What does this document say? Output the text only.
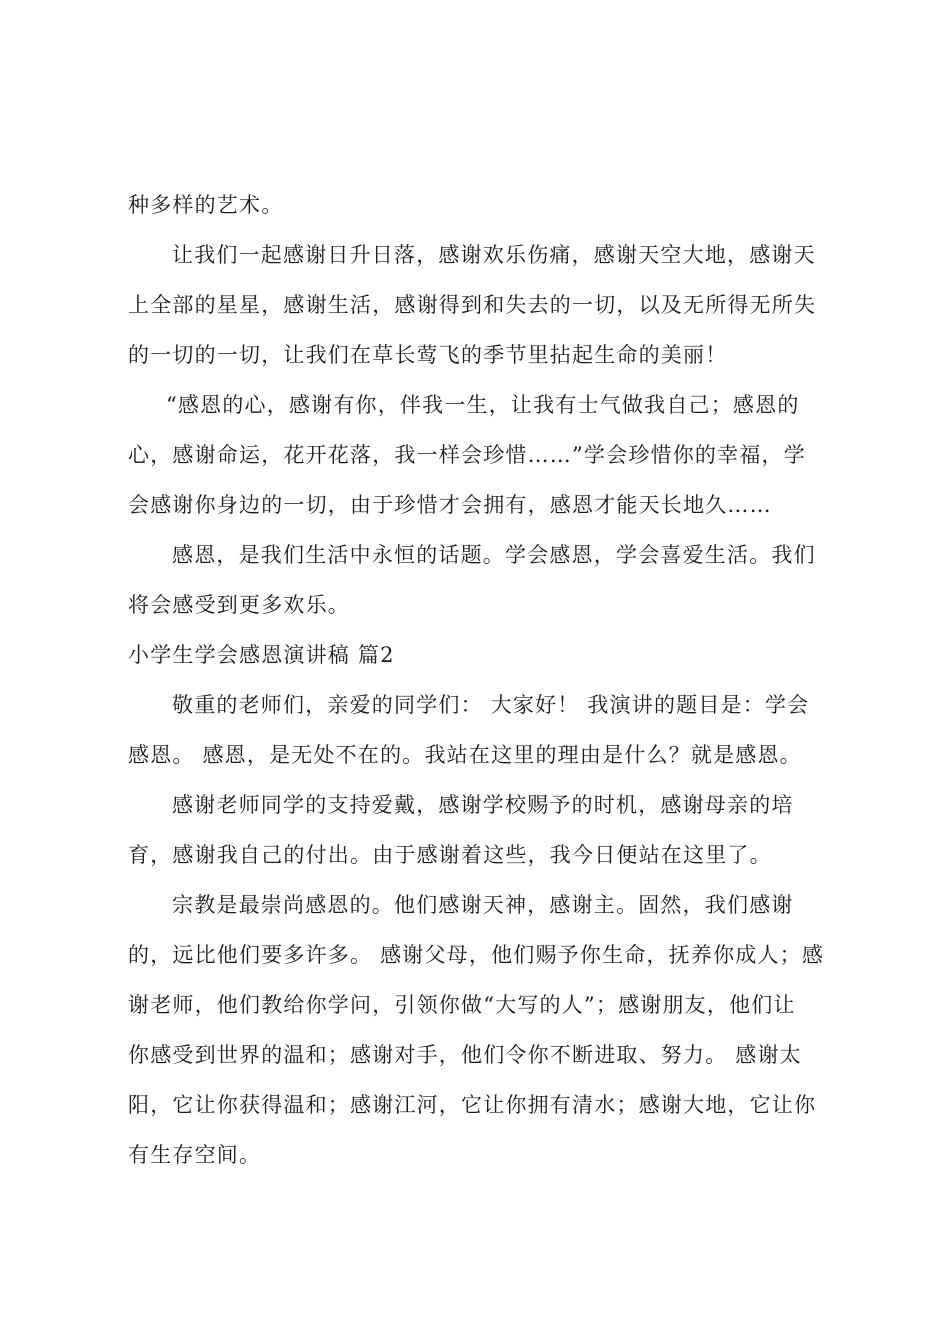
种多样的艺术。
让我们一起感谢日升日落，感谢欢乐伤痛，感谢天空大地，感谢天
上全部的星星，感谢生活，感谢得到和失去的一切，以及无所得无所失
的一切的一切，让我们在草长莺飞的季节里拈起生命的美丽！
“感恩的心，感谢有你，伴我一生，让我有士气做我自己；感恩的
心，感谢命运，花开花落，我一样会珍惜……”学会珍惜你的幸福，学
会感谢你身边的一切，由于珍惜才会拥有，感恩才能天长地久……
感恩，是我们生活中永恒的话题。学会感恩，学会喜爱生活。我们
将会感受到更多欢乐。
小学生学会感恩演讲稿 篇2
敬重的老师们，亲爱的同学们： 大家好！ 我演讲的题目是：学会
感恩。 感恩，是无处不在的。我站在这里的理由是什么？就是感恩。
感谢老师同学的支持爱戴，感谢学校赐予的时机，感谢母亲的培
育，感谢我自己的付出。由于感谢着这些，我今日便站在这里了。
宗教是最崇尚感恩的。他们感谢天神，感谢主。固然，我们感谢
的，远比他们要多许多。 感谢父母，他们赐予你生命，抚养你成人；感
谢老师，他们教给你学问，引领你做“大写的人”；感谢朋友，他们让
你感受到世界的温和；感谢对手，他们令你不断进取、努力。 感谢太
阳，它让你获得温和；感谢江河，它让你拥有清水；感谢大地，它让你
有生存空间。
